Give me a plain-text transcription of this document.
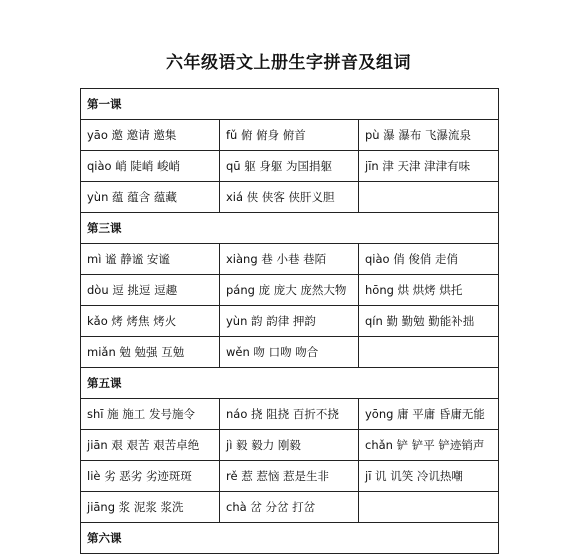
六年级语文上册生字拼音及组词
第一课		
yāo 邀 邀请 邀集	fǔ 俯 俯身 俯首	pù 瀑 瀑布 飞瀑流泉
qiào 峭 陡峭 峻峭	qū 躯 身躯 为国捐躯	jīn 津 天津 津津有味
yùn 蕴 蕴含 蕴藏	xiá 侠 侠客 侠肝义胆	
第三课		
mì 谧 静谧 安谧	xiàng 巷 小巷 巷陌	qiào 俏 俊俏 走俏
dòu 逗 挑逗 逗趣	páng 庞 庞大 庞然大物	hōng 烘 烘烤 烘托
kǎo 烤 烤焦 烤火	yùn 韵 韵律 押韵	qín 勤 勤勉 勤能补拙
miǎn 勉 勉强 互勉	wěn 吻 口吻 吻合	
第五课		
shī 施 施工 发号施令	náo 挠 阻挠 百折不挠	yōng 庸 平庸 昏庸无能
jiān 艰 艰苦 艰苦卓绝	jì 毅 毅力 刚毅	chǎn 铲 铲平 铲迹销声
liè 劣 恶劣 劣迹斑斑	rě 惹 惹恼 惹是生非	jī 讥 讥笑 冷讥热嘲
jiāng 浆 泥浆 浆洗	chà 岔 分岔 打岔	
第六课		
